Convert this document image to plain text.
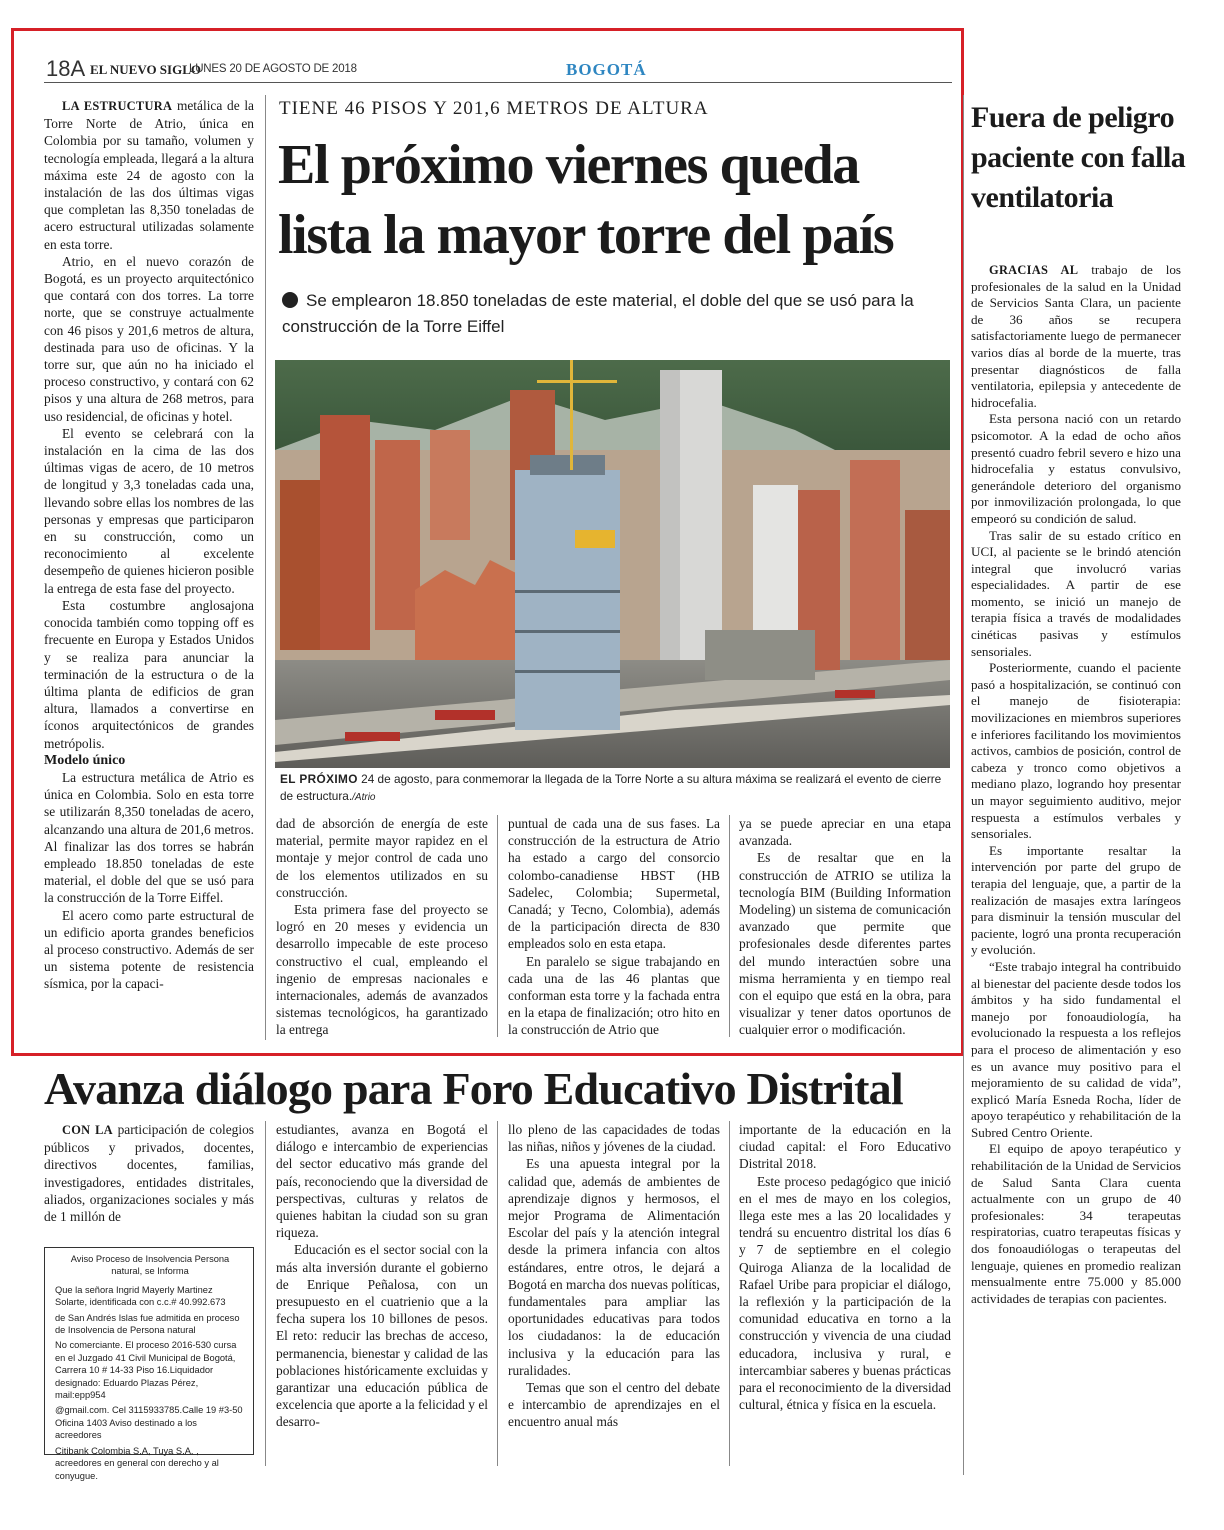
18A EL NUEVO SIGLO
LUNES 20 DE AGOSTO DE 2018	BOGOTÁ

LA ESTRUCTURA metálica de la Torre Norte de Atrio, única en Colombia por su tamaño, volumen y tecnología empleada, llegará a la altura máxima este 24 de agosto con la instalación de las dos últimas vigas que completan las 8,350 toneladas de acero estructural utilizadas solamente en esta torre.

Atrio, en el nuevo corazón de Bogotá, es un proyecto arquitectónico que contará con dos torres. La torre norte, que se construye actualmente con 46 pisos y 201,6 metros de altura, destinada para uso de oficinas. Y la torre sur, que aún no ha iniciado el proceso constructivo, y contará con 62 pisos y una altura de 268 metros, para uso residencial, de oficinas y hotel.

El evento se celebrará con la instalación en la cima de las dos últimas vigas de acero, de 10 metros de longitud y 3,3 toneladas cada una, llevando sobre ellas los nombres de las personas y empresas que participaron en su construcción, como un reconocimiento al excelente desempeño de quienes hicieron posible la entrega de esta fase del proyecto.

Esta costumbre anglosajona conocida también como topping off es frecuente en Europa y Estados Unidos y se realiza para anunciar la terminación de la estructura o de la última planta de edificios de gran altura, llamados a convertirse en íconos arquitectónicos de grandes metrópolis.

Modelo único

La estructura metálica de Atrio es única en Colombia. Solo en esta torre se utilizarán 8,350 toneladas de acero, alcanzando una altura de 201,6 metros. Al finalizar las dos torres se habrán empleado 18.850 toneladas de este material, el doble del que se usó para la construcción de la Torre Eiffel.

El acero como parte estructural de un edificio aporta grandes beneficios al proceso constructivo. Además de ser un sistema potente de resistencia sísmica, por la capaci-

TIENE 46 PISOS Y 201,6 METROS DE ALTURA
El próximo viernes queda lista la mayor torre del país
Se emplearon 18.850 toneladas de este material, el doble del que se usó para la construcción de la Torre Eiffel
EL PRÓXIMO 24 de agosto, para conmemorar la llegada de la Torre Norte a su altura máxima se realizará el evento de cierre de estructura./Atrio

dad de absorción de energía de este material, permite mayor rapidez en el montaje y mejor control de cada uno de los elementos utilizados en su construcción.

Esta primera fase del proyecto se logró en 20 meses y evidencia un desarrollo impecable de este proceso constructivo el cual, empleando el ingenio de empresas nacionales e internacionales, además de avanzados sistemas tecnológicos, ha garantizado la entrega

puntual de cada una de sus fases. La construcción de la estructura de Atrio ha estado a cargo del consorcio colombo-canadiense HBST (HB Sadelec, Colombia; Supermetal, Canadá; y Tecno, Colombia), además de la participación directa de 830 empleados solo en esta etapa.

En paralelo se sigue trabajando en cada una de las 46 plantas que conforman esta torre y la fachada entra en la etapa de finalización; otro hito en la construcción de Atrio que

ya se puede apreciar en una etapa avanzada.

Es de resaltar que en la construcción de ATRIO se utiliza la tecnología BIM (Building Information Modeling) un sistema de comunicación avanzado que permite que profesionales desde diferentes partes del mundo interactúen sobre una misma herramienta y en tiempo real con el equipo que está en la obra, para visualizar y tener datos oportunos de cualquier error o modificación.

Fuera de peligro paciente con falla ventilatoria

GRACIAS AL trabajo de los profesionales de la salud en la Unidad de Servicios Santa Clara, un paciente de 36 años se recupera satisfactoriamente luego de permanecer varios días al borde de la muerte, tras presentar diagnósticos de falla ventilatoria, epilepsia y antecedente de hidrocefalia.

Esta persona nació con un retardo psicomotor. A la edad de ocho años presentó cuadro febril severo e hizo una hidrocefalia y estatus convulsivo, generándole deterioro del organismo por inmovilización prolongada, lo que empeoró su condición de salud.

Tras salir de su estado crítico en UCI, al paciente se le brindó atención integral que involucró varias especialidades. A partir de ese momento, se inició un manejo de terapia física a través de modalidades cinéticas pasivas y estímulos sensoriales.

Posteriormente, cuando el paciente pasó a hospitalización, se continuó con el manejo de fisioterapia: movilizaciones en miembros superiores e inferiores facilitando los movimientos activos, cambios de posición, control de cabeza y tronco como objetivos a mediano plazo, logrando hoy presentar un mayor seguimiento auditivo, mejor respuesta a estímulos verbales y sensoriales.

Es importante resaltar la intervención por parte del grupo de terapia del lenguaje, que, a partir de la realización de masajes extra laríngeos para disminuir la tensión muscular del paciente, logró una pronta recuperación y evolución.

“Este trabajo integral ha contribuido al bienestar del paciente desde todos los ámbitos y ha sido fundamental el manejo por fonoaudiología, ha evolucionado la respuesta a los reflejos para el proceso de alimentación y eso es un avance muy positivo para el mejoramiento de su calidad de vida”, explicó María Esneda Rocha, líder de apoyo terapéutico y rehabilitación de la Subred Centro Oriente.

El equipo de apoyo terapéutico y rehabilitación de la Unidad de Servicios de Salud Santa Clara cuenta actualmente con un grupo de 40 profesionales: 34 terapeutas respiratorias, cuatro terapeutas físicas y dos fonoaudiólogas o terapeutas del lenguaje, quienes en promedio realizan mensualmente entre 75.000 y 85.000 actividades de terapias con pacientes.

Avanza diálogo para Foro Educativo Distrital

CON LA participación de colegios públicos y privados, docentes, directivos docentes, familias, investigadores, entidades distritales, aliados, organizaciones sociales y más de 1 millón de

Aviso Proceso de Insolvencia Persona natural, se Informa

Que la señora Ingrid Mayerly Martinez Solarte, identificada con c.c.# 40.992.673

de San Andrés Islas fue admitida en proceso de Insolvencia de Persona natural

No comerciante. El proceso 2016-530 cursa en el Juzgado 41 Civil Municipal de Bogotá, Carrera 10 # 14-33 Piso 16.Liquidador designado: Eduardo Plazas Pérez, mail:epp954

@gmail.com. Cel 3115933785.Calle 19 #3-50 Oficina 1403 Aviso destinado a los acreedores

Citibank Colombia S.A, Tuya S.A. , acreedores en general con derecho y al conyugue.

estudiantes, avanza en Bogotá el diálogo e intercambio de experiencias del sector educativo más grande del país, reconociendo que la diversidad de perspectivas, culturas y relatos de quienes habitan la ciudad son su gran riqueza.

Educación es el sector social con la más alta inversión durante el gobierno de Enrique Peñalosa, con un presupuesto en el cuatrienio que a la fecha supera los 10 billones de pesos. El reto: reducir las brechas de acceso, permanencia, bienestar y calidad de las poblaciones históricamente excluidas y garantizar una educación pública de excelencia que aporte a la felicidad y el desarro-

llo pleno de las capacidades de todas las niñas, niños y jóvenes de la ciudad.

Es una apuesta integral por la calidad que, además de ambientes de aprendizaje dignos y hermosos, el mejor Programa de Alimentación Escolar del país y la atención integral desde la primera infancia con altos estándares, entre otros, le dejará a Bogotá en marcha dos nuevas políticas, fundamentales para ampliar las oportunidades educativas para todos los ciudadanos: la de educación inclusiva y la educación para las ruralidades.

Temas que son el centro del debate e intercambio de aprendizajes en el encuentro anual más

importante de la educación en la ciudad capital: el Foro Educativo Distrital 2018.

Este proceso pedagógico que inició en el mes de mayo en los colegios, llega este mes a las 20 localidades y tendrá su encuentro distrital los días 6 y 7 de septiembre en el colegio Quiroga Alianza de la localidad de Rafael Uribe para propiciar el diálogo, la reflexión y la participación de la comunidad educativa en torno a la construcción y vivencia de una ciudad educadora, inclusiva y rural, e intercambiar saberes y buenas prácticas para el reconocimiento de la diversidad cultural, étnica y física en la escuela.
